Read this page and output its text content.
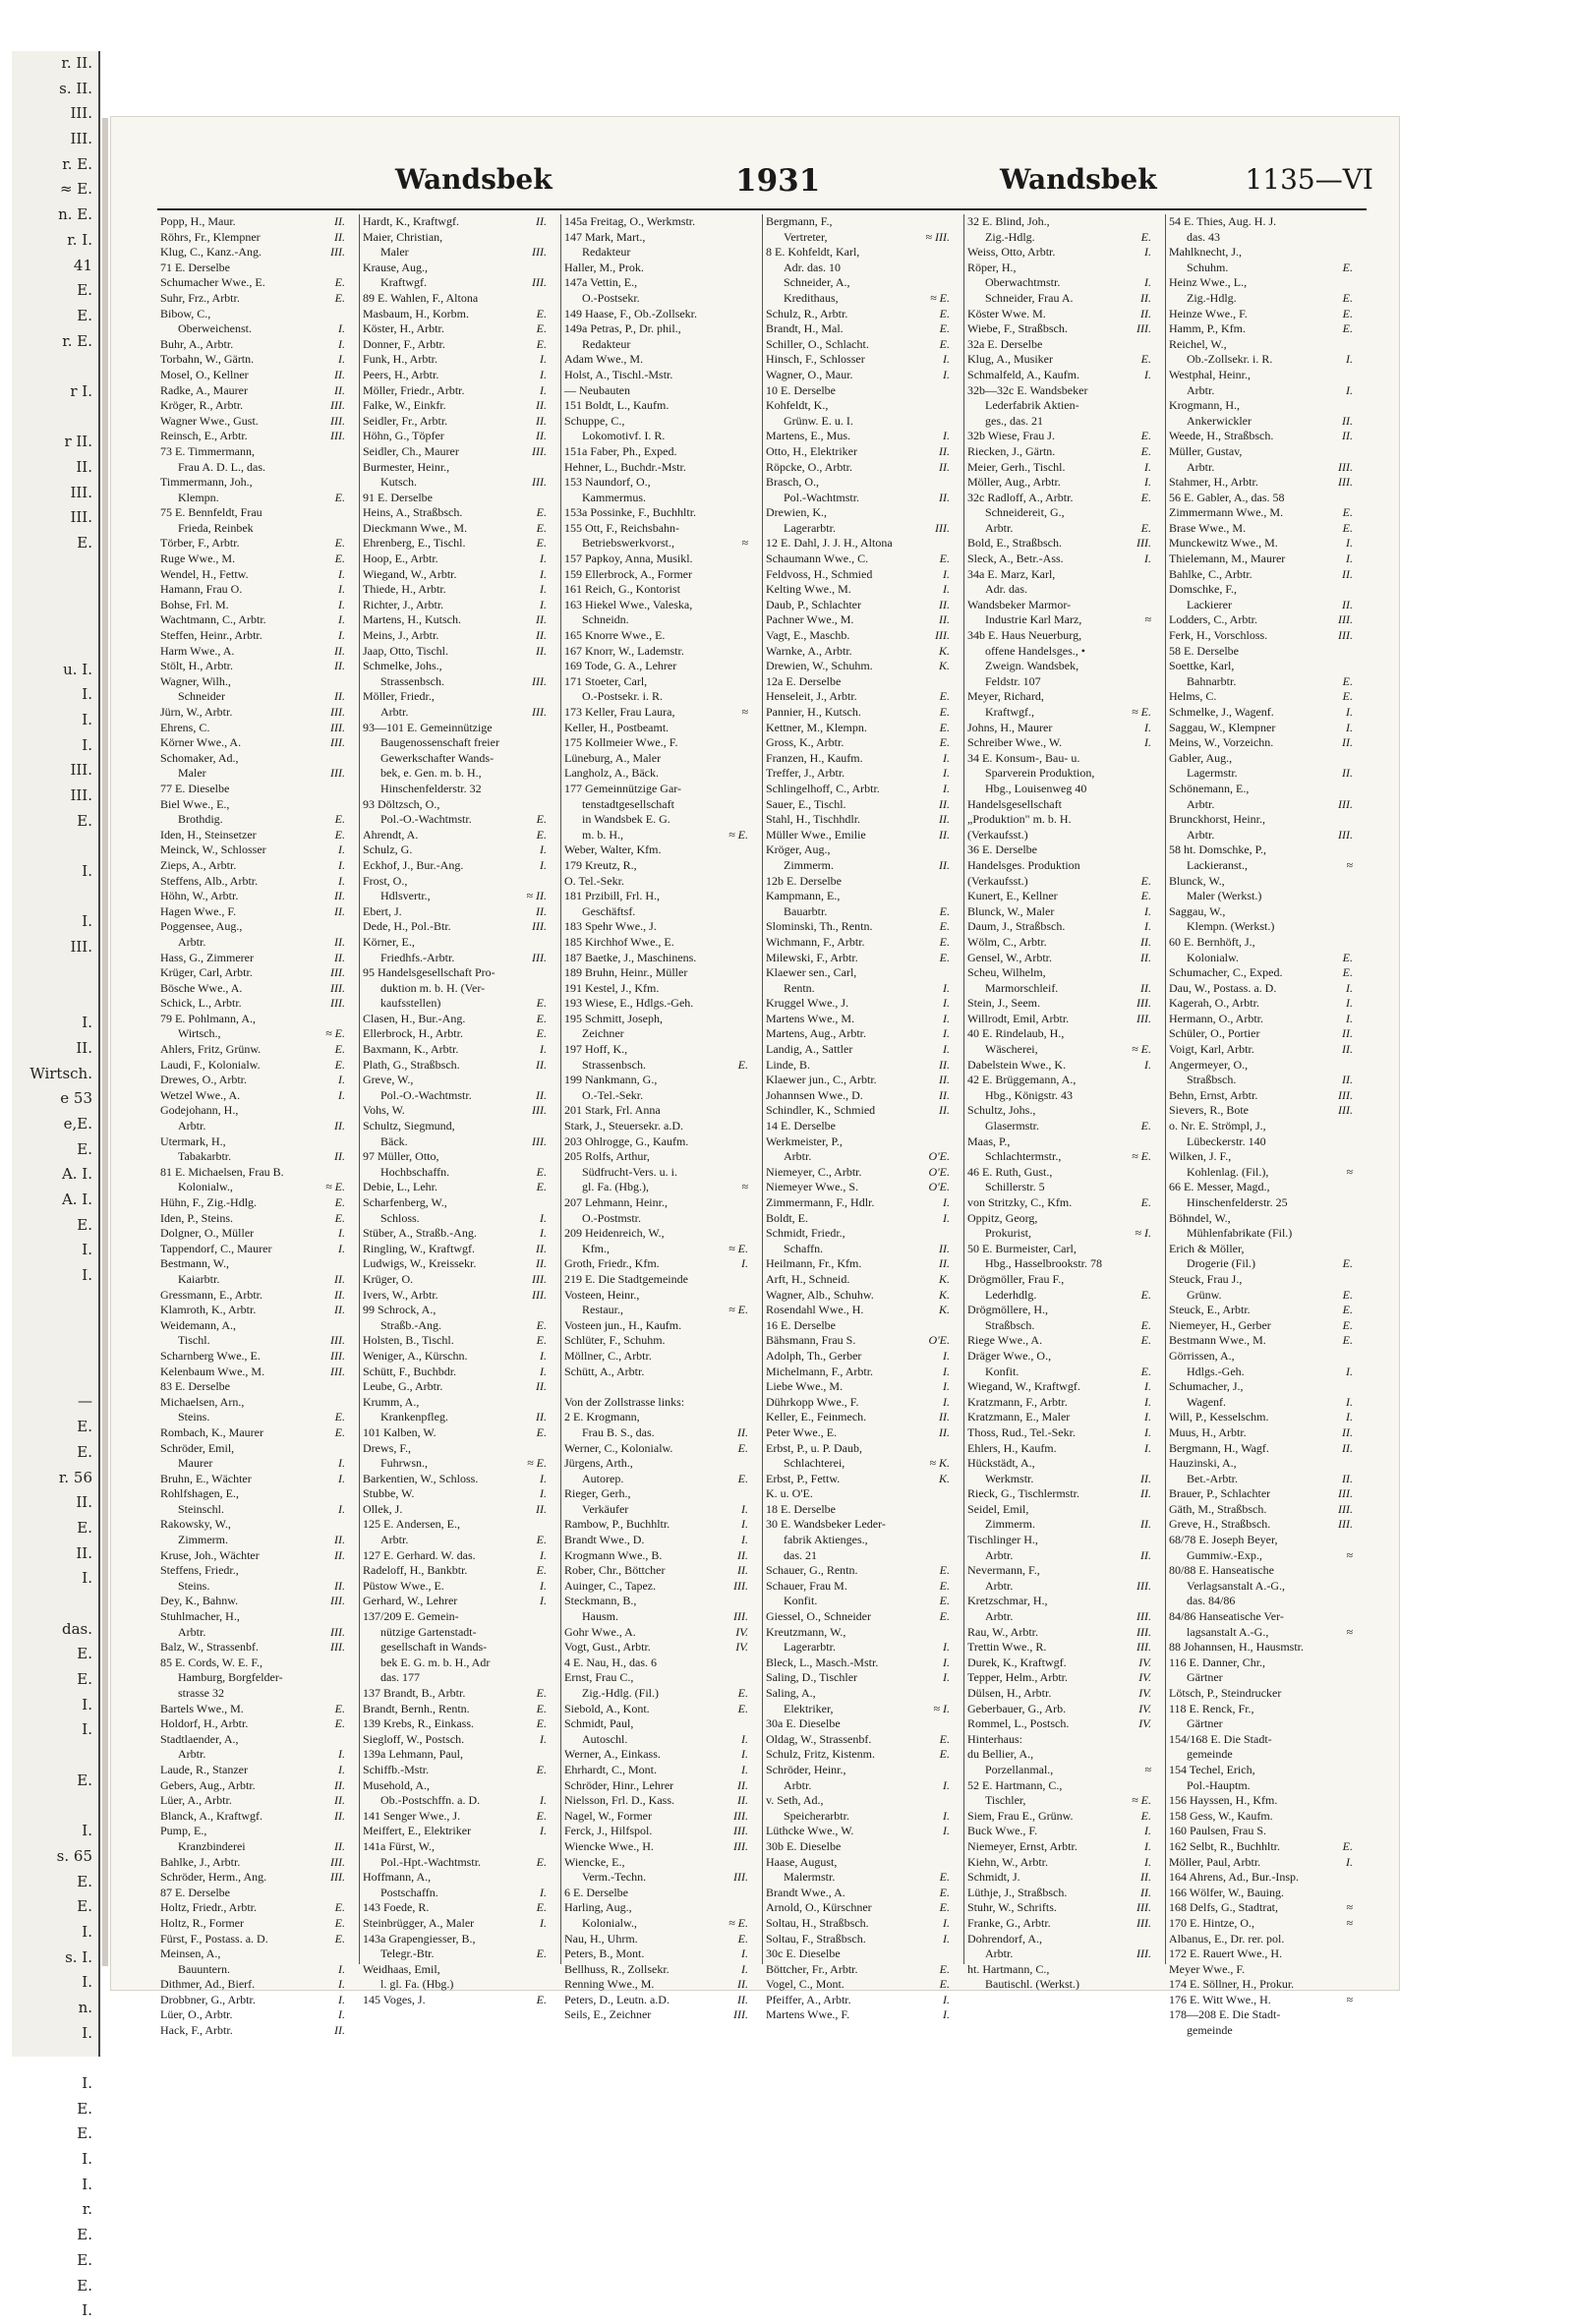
r. II.
s. II.
III.
III.
r. E.
≈ E.
n. E.
r. I.
41
E.
E.
r. E.
r I.
r II.
II.
III.
III.
E.
u. I.
I.
I.
I.
III.
III.
E.
I.
I.
III.
I.
II.
Wirtsch.
e 53
e,E.
E.
A. I.
A. I.
E.
I.
I.
—
E.
E.
r. 56
II.
E.
II.
I.
das.
E.
E.
I.
I.
E.
I.
s. 65
E.
E.
I.
s. I.
I.
n.
I.
I.
E.
E.
I.
I.
r.
E.
E.
E.
I.
Wandsbek	1931	Wandsbek	1135—VI
Popp, H., Maur.	II.
Röhrs, Fr., Klempner	II.
Klug, C., Kanz.-Ang.	III.
71 E. Derselbe
Schumacher Wwe., E.	E.
Suhr, Frz., Arbtr.	E.
Bibow, C.,
Oberweichenst.	I.
Buhr, A., Arbtr.	I.
Torbahn, W., Gärtn.	I.
Mosel, O., Kellner	II.
Radke, A., Maurer	II.
Kröger, R., Arbtr.	III.
Wagner Wwe., Gust.	III.
Reinsch, E., Arbtr.	III.
73 E. Timmermann,
Frau A. D. L., das.
Timmermann, Joh.,
Klempn.	E.
75 E. Bennfeldt, Frau
Frieda, Reinbek
Törber, F., Arbtr.	E.
Ruge Wwe., M.	E.
Wendel, H., Fettw.	I.
Hamann, Frau O.	I.
Bohse, Frl. M.	I.
Wachtmann, C., Arbtr.	I.
Steffen, Heinr., Arbtr.	I.
Harm Wwe., A.	II.
Stölt, H., Arbtr.	II.
Wagner, Wilh.,
Schneider	II.
Jürn, W., Arbtr.	III.
Ehrens, C.	III.
Körner Wwe., A.	III.
Schomaker, Ad.,
Maler	III.
77 E. Dieselbe
Biel Wwe., E.,
Brothdig.	E.
Iden, H., Steinsetzer	E.
Meinck, W., Schlosser	I.
Zieps, A., Arbtr.	I.
Steffens, Alb., Arbtr.	I.
Höhn, W., Arbtr.	II.
Hagen Wwe., F.	II.
Poggensee, Aug.,
Arbtr.	II.
Hass, G., Zimmerer	II.
Krüger, Carl, Arbtr.	III.
Bösche Wwe., A.	III.
Schick, L., Arbtr.	III.
79 E. Pohlmann, A.,
Wirtsch.,	≈ E.
Ahlers, Fritz, Grünw.	E.
Laudi, F., Kolonialw.	E.
Drewes, O., Arbtr.	I.
Wetzel Wwe., A.	I.
Godejohann, H.,
Arbtr.	II.
Utermark, H.,
Tabakarbtr.	II.
81 E. Michaelsen, Frau B.
Kolonialw.,	≈ E.
Hühn, F., Zig.-Hdlg.	E.
Iden, P., Steins.	E.
Dolgner, O., Müller	I.
Tappendorf, C., Maurer	I.
Bestmann, W.,
Kaiarbtr.	II.
Gressmann, E., Arbtr.	II.
Klamroth, K., Arbtr.	II.
Weidemann, A.,
Tischl.	III.
Scharnberg Wwe., E.	III.
Kelenbaum Wwe., M.	III.
83 E. Derselbe
Michaelsen, Arn.,
Steins.	E.
Rombach, K., Maurer	E.
Schröder, Emil,
Maurer	I.
Bruhn, E., Wächter	I.
Rohlfshagen, E.,
Steinschl.	I.
Rakowsky, W.,
Zimmerm.	II.
Kruse, Joh., Wächter	II.
Steffens, Friedr.,
Steins.	II.
Dey, K., Bahnw.	III.
Stuhlmacher, H.,
Arbtr.	III.
Balz, W., Strassenbf.	III.
85 E. Cords, W. E. F.,
Hamburg, Borgfelder-
strasse 32
Bartels Wwe., M.	E.
Holdorf, H., Arbtr.	E.
Stadtlaender, A.,
Arbtr.	I.
Laude, R., Stanzer	I.
Gebers, Aug., Arbtr.	II.
Lüer, A., Arbtr.	II.
Blanck, A., Kraftwgf.	II.
Pump, E.,
Kranzbinderei	II.
Bahlke, J., Arbtr.	III.
Schröder, Herm., Ang.	III.
87 E. Derselbe
Holtz, Friedr., Arbtr.	E.
Holtz, R., Former	E.
Fürst, F., Postass. a. D.	E.
Meinsen, A.,
Bauuntern.	I.
Dithmer, Ad., Bierf.	I.
Drobbner, G., Arbtr.	I.
Lüer, O., Arbtr.	I.
Hack, F., Arbtr.	II.
Hardt, K., Kraftwgf.	II.
Maier, Christian,
Maler	III.
Krause, Aug.,
Kraftwgf.	III.
89 E. Wahlen, F., Altona
Masbaum, H., Korbm.	E.
Köster, H., Arbtr.	E.
Donner, F., Arbtr.	E.
Funk, H., Arbtr.	I.
Peers, H., Arbtr.	I.
Möller, Friedr., Arbtr.	I.
Falke, W., Einkfr.	II.
Seidler, Fr., Arbtr.	II.
Höhn, G., Töpfer	II.
Seidler, Ch., Maurer	III.
Burmester, Heinr.,
Kutsch.	III.
91 E. Derselbe
Heins, A., Straßbsch.	E.
Dieckmann Wwe., M.	E.
Ehrenberg, E., Tischl.	E.
Hoop, E., Arbtr.	I.
Wiegand, W., Arbtr.	I.
Thiede, H., Arbtr.	I.
Richter, J., Arbtr.	I.
Martens, H., Kutsch.	II.
Meins, J., Arbtr.	II.
Jaap, Otto, Tischl.	II.
Schmelke, Johs.,
Strassenbsch.	III.
Möller, Friedr.,
Arbtr.	III.
93—101 E. Gemeinnützige
Baugenossenschaft freier
Gewerkschafter Wands-
bek, e. Gen. m. b. H.,
Hinschenfelderstr. 32
93 Döltzsch, O.,
Pol.-O.-Wachtmstr.	E.
Ahrendt, A.	E.
Schulz, G.	I.
Eckhof, J., Bur.-Ang.	I.
Frost, O.,
Hdlsvertr.,	≈ II.
Ebert, J.	II.
Dede, H., Pol.-Btr.	III.
Körner, E.,
Friedhfs.-Arbtr.	III.
95 Handelsgesellschaft Pro-
duktion m. b. H. (Ver-
kaufsstellen)	E.
Clasen, H., Bur.-Ang.	E.
Ellerbrock, H., Arbtr.	E.
Baxmann, K., Arbtr.	I.
Plath, G., Straßbsch.	II.
Greve, W.,
Pol.-O.-Wachtmstr.	II.
Vohs, W.	III.
Schultz, Siegmund,
Bäck.	III.
97 Müller, Otto,
Hochbschaffn.	E.
Debie, L., Lehr.	E.
Scharfenberg, W.,
Schloss.	I.
Stüber, A., Straßb.-Ang.	I.
Ringling, W., Kraftwgf.	II.
Ludwigs, W., Kreissekr.	II.
Krüger, O.	III.
Ivers, W., Arbtr.	III.
99 Schrock, A.,
Straßb.-Ang.	E.
Holsten, B., Tischl.	E.
Weniger, A., Kürschn.	I.
Schütt, F., Buchbdr.	I.
Leube, G., Arbtr.	II.
Krumm, A.,
Krankenpfleg.	II.
101 Kalben, W.	E.
Drews, F.,
Fuhrwsn.,	≈ E.
Barkentien, W., Schloss.	I.
Stubbe, W.	I.
Ollek, J.	II.
125 E. Andersen, E.,
Arbtr.	E.
127 E. Gerhard. W. das.	I.
Radeloff, H., Bankbtr.	E.
Püstow Wwe., E.	I.
Gerhard, W., Lehrer	I.
137/209 E. Gemein-
nützige Gartenstadt-
gesellschaft in Wands-
bek E. G. m. b. H., Adr
das. 177
137 Brandt, B., Arbtr.	E.
Brandt, Bernh., Rentn.	E.
139 Krebs, R., Einkass.	E.
Siegloff, W., Postsch.	I.
139a Lehmann, Paul,
Schiffb.-Mstr.	E.
Musehold, A.,
Ob.-Postschffn. a. D.	I.
141 Senger Wwe., J.	E.
Meiffert, E., Elektriker	I.
141a Fürst, W.,
Pol.-Hpt.-Wachtmstr.	E.
Hoffmann, A.,
Postschaffn.	I.
143 Foede, R.	E.
Steinbrügger, A., Maler	I.
143a Grapengiesser, B.,
Telegr.-Btr.	E.
Weidhaas, Emil,
l. gl. Fa. (Hbg.)
145 Voges, J.	E.
145a Freitag, O., Werkmstr.
147 Mark, Mart.,
Redakteur
Haller, M., Prok.
147a Vettin, E.,
O.-Postsekr.
149 Haase, F., Ob.-Zollsekr.
149a Petras, P., Dr. phil.,
Redakteur
Adam Wwe., M.
Holst, A., Tischl.-Mstr.
— Neubauten
151 Boldt, L., Kaufm.
Schuppe, C.,
Lokomotivf. I. R.
151a Faber, Ph., Exped.
Hehner, L., Buchdr.-Mstr.
153 Naundorf, O.,
Kammermus.
153a Possinke, F., Buchhltr.
155 Ott, F., Reichsbahn-
Betriebswerkvorst.,	≈
157 Papkoy, Anna, Musikl.
159 Ellerbrock, A., Former
161 Reich, G., Kontorist
163 Hiekel Wwe., Valeska,
Schneidn.
165 Knorre Wwe., E.
167 Knorr, W., Lademstr.
169 Tode, G. A., Lehrer
171 Stoeter, Carl,
O.-Postsekr. i. R.
173 Keller, Frau Laura,	≈
Keller, H., Postbeamt.
175 Kollmeier Wwe., F.
Lüneburg, A., Maler
Langholz, A., Bäck.
177 Gemeinnützige Gar-
tenstadtgesellschaft
in Wandsbek E. G.
m. b. H.,	≈ E.
Weber, Walter, Kfm.
179 Kreutz, R.,
O. Tel.-Sekr.
181 Przibill, Frl. H.,
Geschäftsf.
183 Spehr Wwe., J.
185 Kirchhof Wwe., E.
187 Baetke, J., Maschinens.
189 Bruhn, Heinr., Müller
191 Kestel, J., Kfm.
193 Wiese, E., Hdlgs.-Geh.
195 Schmitt, Joseph,
Zeichner
197 Hoff, K.,
Strassenbsch.	E.
199 Nankmann, G.,
O.-Tel.-Sekr.
201 Stark, Frl. Anna
Stark, J., Steuersekr. a.D.
203 Ohlrogge, G., Kaufm.
205 Rolfs, Arthur,
Südfrucht-Vers. u. i.
gl. Fa. (Hbg.),	≈
207 Lehmann, Heinr.,
O.-Postmstr.
209 Heidenreich, W.,
Kfm.,	≈ E.
Groth, Friedr., Kfm.	I.
219 E. Die Stadtgemeinde
Vosteen, Heinr.,
Restaur.,	≈ E.
Vosteen jun., H., Kaufm.
Schlüter, F., Schuhm.
Möllner, C., Arbtr.
Schütt, A., Arbtr.
Von der Zollstrasse links:
2 E. Krogmann,
Frau B. S., das.	II.
Werner, C., Kolonialw.	E.
Jürgens, Arth.,
Autorep.	E.
Rieger, Gerh.,
Verkäufer	I.
Rambow, P., Buchhltr.	I.
Brandt Wwe., D.	I.
Krogmann Wwe., B.	II.
Rober, Chr., Böttcher	II.
Auinger, C., Tapez.	III.
Steckmann, B.,
Hausm.	III.
Gohr Wwe., A.	IV.
Vogt, Gust., Arbtr.	IV.
4 E. Nau, H., das. 6
Ernst, Frau C.,
Zig.-Hdlg. (Fil.)	E.
Siebold, A., Kont.	E.
Schmidt, Paul,
Autoschl.	I.
Werner, A., Einkass.	I.
Ehrhardt, C., Mont.	I.
Schröder, Hinr., Lehrer	II.
Nielsson, Frl. D., Kass.	II.
Nagel, W., Former	III.
Ferck, J., Hilfspol.	III.
Wiencke Wwe., H.	III.
Wiencke, E.,
Verm.-Techn.	III.
6 E. Derselbe
Harling, Aug.,
Kolonialw.,	≈ E.
Nau, H., Uhrm.	E.
Peters, B., Mont.	I.
Bellhuss, R., Zollsekr.	I.
Renning Wwe., M.	II.
Peters, D., Leutn. a.D.	II.
Seils, E., Zeichner	III.
Bergmann, F.,
Vertreter,	≈ III.
8 E. Kohfeldt, Karl,
Adr. das. 10
Schneider, A.,
Kredithaus,	≈ E.
Schulz, R., Arbtr.	E.
Brandt, H., Mal.	E.
Schiller, O., Schlacht.	E.
Hinsch, F., Schlosser	I.
Wagner, O., Maur.	I.
10 E. Derselbe
Kohfeldt, K.,
Grünw. E. u. I.
Martens, E., Mus.	I.
Otto, H., Elektriker	II.
Röpcke, O., Arbtr.	II.
Brasch, O.,
Pol.-Wachtmstr.	II.
Drewien, K.,
Lagerarbtr.	III.
12 E. Dahl, J. J. H., Altona
Schaumann Wwe., C.	E.
Feldvoss, H., Schmied	I.
Kelting Wwe., M.	I.
Daub, P., Schlachter	II.
Pachner Wwe., M.	II.
Vagt, E., Maschb.	III.
Warnke, A., Arbtr.	K.
Drewien, W., Schuhm.	K.
12a E. Derselbe
Henseleit, J., Arbtr.	E.
Pannier, H., Kutsch.	E.
Kettner, M., Klempn.	E.
Gross, K., Arbtr.	E.
Franzen, H., Kaufm.	I.
Treffer, J., Arbtr.	I.
Schlingelhoff, C., Arbtr.	I.
Sauer, E., Tischl.	II.
Stahl, H., Tischhdlr.	II.
Müller Wwe., Emilie	II.
Kröger, Aug.,
Zimmerm.	II.
12b E. Derselbe
Kampmann, E.,
Bauarbtr.	E.
Slominski, Th., Rentn.	E.
Wichmann, F., Arbtr.	E.
Milewski, F., Arbtr.	E.
Klaewer sen., Carl,
Rentn.	I.
Kruggel Wwe., J.	I.
Martens Wwe., M.	I.
Martens, Aug., Arbtr.	I.
Landig, A., Sattler	I.
Linde, B.	II.
Klaewer jun., C., Arbtr.	II.
Johannsen Wwe., D.	II.
Schindler, K., Schmied	II.
14 E. Derselbe
Werkmeister, P.,
Arbtr.	O'E.
Niemeyer, C., Arbtr.	O'E.
Niemeyer Wwe., S.	O'E.
Zimmermann, F., Hdlr.	I.
Boldt, E.	I.
Schmidt, Friedr.,
Schaffn.	II.
Heilmann, Fr., Kfm.	II.
Arft, H., Schneid.	K.
Wagner, Alb., Schuhw.	K.
Rosendahl Wwe., H.	K.
16 E. Derselbe
Bähsmann, Frau S.	O'E.
Adolph, Th., Gerber	I.
Michelmann, F., Arbtr.	I.
Liebe Wwe., M.	I.
Dührkopp Wwe., F.	I.
Keller, E., Feinmech.	II.
Peter Wwe., E.	II.
Erbst, P., u. P. Daub,
Schlachterei,	≈ K.
Erbst, P., Fettw.	K.
K. u. O'E.
18 E. Derselbe
30 E. Wandsbeker Leder-
fabrik Aktienges.,
das. 21
Schauer, G., Rentn.	E.
Schauer, Frau M.	E.
Konfit.	E.
Giessel, O., Schneider	E.
Kreutzmann, W.,
Lagerarbtr.	I.
Bleck, L., Masch.-Mstr.	I.
Saling, D., Tischler	I.
Saling, A.,
Elektriker,	≈ I.
30a E. Dieselbe
Oldag, W., Strassenbf.	E.
Schulz, Fritz, Kistenm.	E.
Schröder, Heinr.,
Arbtr.	I.
v. Seth, Ad.,
Speicherarbtr.	I.
Lüthcke Wwe., W.	I.
30b E. Dieselbe
Haase, August,
Malermstr.	E.
Brandt Wwe., A.	E.
Arnold, O., Kürschner	E.
Soltau, H., Straßbsch.	I.
Soltau, F., Straßbsch.	I.
30c E. Dieselbe
Böttcher, Fr., Arbtr.	E.
Vogel, C., Mont.	E.
Pfeiffer, A., Arbtr.	I.
Martens Wwe., F.	I.
32 E. Blind, Joh.,
Zig.-Hdlg.	E.
Weiss, Otto, Arbtr.	I.
Röper, H.,
Oberwachtmstr.	I.
Schneider, Frau A.	II.
Köster Wwe. M.	II.
Wiebe, F., Straßbsch.	III.
32a E. Derselbe
Klug, A., Musiker	E.
Schmalfeld, A., Kaufm.	I.
32b—32c E. Wandsbeker
Lederfabrik Aktien-
ges., das. 21
32b Wiese, Frau J.	E.
Riecken, J., Gärtn.	E.
Meier, Gerh., Tischl.	I.
Möller, Aug., Arbtr.	I.
32c Radloff, A., Arbtr.	E.
Schneidereit, G.,
Arbtr.	E.
Bold, E., Straßbsch.	III.
Sleck, A., Betr.-Ass.	I.
34a E. Marz, Karl,
Adr. das.
Wandsbeker Marmor-
Industrie Karl Marz,	≈
34b E. Haus Neuerburg,
offene Handelsges., •
Zweign. Wandsbek,
Feldstr. 107
Meyer, Richard,
Kraftwgf.,	≈ E.
Johns, H., Maurer	I.
Schreiber Wwe., W.	I.
34 E. Konsum-, Bau- u.
Sparverein Produktion,
Hbg., Louisenweg 40
Handelsgesellschaft
„Produktion" m. b. H.
(Verkaufsst.)
36 E. Derselbe
Handelsges. Produktion
(Verkaufsst.)	E.
Kunert, E., Kellner	E.
Blunck, W., Maler	I.
Daum, J., Straßbsch.	I.
Wölm, C., Arbtr.	II.
Gensel, W., Arbtr.	II.
Scheu, Wilhelm,
Marmorschleif.	II.
Stein, J., Seem.	III.
Willrodt, Emil, Arbtr.	III.
40 E. Rindelaub, H.,
Wäscherei,	≈ E.
Dabelstein Wwe., K.	I.
42 E. Brüggemann, A.,
Hbg., Königstr. 43
Schultz, Johs.,
Glasermstr.	E.
Maas, P.,
Schlachtermstr.,	≈ E.
46 E. Ruth, Gust.,
Schillerstr. 5
von Stritzky, C., Kfm.	E.
Oppitz, Georg,
Prokurist,	≈ I.
50 E. Burmeister, Carl,
Hbg., Hasselbrookstr. 78
Drögmöller, Frau F.,
Lederhdlg.	E.
Drögmöllere, H.,
Straßbsch.	E.
Riege Wwe., A.	E.
Dräger Wwe., O.,
Konfit.	E.
Wiegand, W., Kraftwgf.	I.
Kratzmann, F., Arbtr.	I.
Kratzmann, E., Maler	I.
Thoss, Rud., Tel.-Sekr.	I.
Ehlers, H., Kaufm.	I.
Hückstädt, A.,
Werkmstr.	II.
Rieck, G., Tischlermstr.	II.
Seidel, Emil,
Zimmerm.	II.
Tischlinger H.,
Arbtr.	II.
Nevermann, F.,
Arbtr.	III.
Kretzschmar, H.,
Arbtr.	III.
Rau, W., Arbtr.	III.
Trettin Wwe., R.	III.
Durek, K., Kraftwgf.	IV.
Tepper, Helm., Arbtr.	IV.
Dülsen, H., Arbtr.	IV.
Geberbauer, G., Arb.	IV.
Rommel, L., Postsch.	IV.
Hinterhaus:
du Bellier, A.,
Porzellanmal.,	≈
52 E. Hartmann, C.,
Tischler,	≈ E.
Siem, Frau E., Grünw.	E.
Buck Wwe., F.	I.
Niemeyer, Ernst, Arbtr.	I.
Kiehn, W., Arbtr.	I.
Schmidt, J.	II.
Lüthje, J., Straßbsch.	II.
Stuhr, W., Schrifts.	III.
Franke, G., Arbtr.	III.
Dohrendorf, A.,
Arbtr.	III.
ht. Hartmann, C.,
Bautischl. (Werkst.)
54 E. Thies, Aug. H. J.
das. 43
Mahlknecht, J.,
Schuhm.	E.
Heinz Wwe., L.,
Zig.-Hdlg.	E.
Heinze Wwe., F.	E.
Hamm, P., Kfm.	E.
Reichel, W.,
Ob.-Zollsekr. i. R.	I.
Westphal, Heinr.,
Arbtr.	I.
Krogmann, H.,
Ankerwickler	II.
Weede, H., Straßbsch.	II.
Müller, Gustav,
Arbtr.	III.
Stahmer, H., Arbtr.	III.
56 E. Gabler, A., das. 58
Zimmermann Wwe., M.	E.
Brase Wwe., M.	E.
Munckewitz Wwe., M.	I.
Thielemann, M., Maurer	I.
Bahlke, C., Arbtr.	II.
Domschke, F.,
Lackierer	II.
Lodders, C., Arbtr.	III.
Ferk, H., Vorschloss.	III.
58 E. Derselbe
Soettke, Karl,
Bahnarbtr.	E.
Helms, C.	E.
Schmelke, J., Wagenf.	I.
Saggau, W., Klempner	I.
Meins, W., Vorzeichn.	II.
Gabler, Aug.,
Lagermstr.	II.
Schönemann, E.,
Arbtr.	III.
Brunckhorst, Heinr.,
Arbtr.	III.
58 ht. Domschke, P.,
Lackieranst.,	≈
Blunck, W.,
Maler (Werkst.)
Saggau, W.,
Klempn. (Werkst.)
60 E. Bernhöft, J.,
Kolonialw.	E.
Schumacher, C., Exped.	E.
Dau, W., Postass. a. D.	I.
Kagerah, O., Arbtr.	I.
Hermann, O., Arbtr.	I.
Schüler, O., Portier	II.
Voigt, Karl, Arbtr.	II.
Angermeyer, O.,
Straßbsch.	II.
Behn, Ernst, Arbtr.	III.
Sievers, R., Bote	III.
o. Nr. E. Strömpl, J.,
Lübeckerstr. 140
Wilken, J. F.,
Kohlenlag. (Fil.),	≈
66 E. Messer, Magd.,
Hinschenfelderstr. 25
Böhndel, W.,
Mühlenfabrikate (Fil.)
Erich & Möller,
Drogerie (Fil.)	E.
Steuck, Frau J.,
Grünw.	E.
Steuck, E., Arbtr.	E.
Niemeyer, H., Gerber	E.
Bestmann Wwe., M.	E.
Görrissen, A.,
Hdlgs.-Geh.	I.
Schumacher, J.,
Wagenf.	I.
Will, P., Kesselschm.	I.
Muus, H., Arbtr.	II.
Bergmann, H., Wagf.	II.
Hauzinski, A.,
Bet.-Arbtr.	II.
Brauer, P., Schlachter	III.
Gäth, M., Straßbsch.	III.
Greve, H., Straßbsch.	III.
68/78 E. Joseph Beyer,
Gummiw.-Exp.,	≈
80/88 E. Hanseatische
Verlagsanstalt A.-G.,
das. 84/86
84/86 Hanseatische Ver-
lagsanstalt A.-G.,	≈
88 Johannsen, H., Hausmstr.
116 E. Danner, Chr.,
Gärtner
Lötsch, P., Steindrucker
118 E. Renck, Fr.,
Gärtner
154/168 E. Die Stadt-
gemeinde
154 Techel, Erich,
Pol.-Hauptm.
156 Hayssen, H., Kfm.
158 Gess, W., Kaufm.
160 Paulsen, Frau S.
162 Selbt, R., Buchhltr.	E.
Möller, Paul, Arbtr.	I.
164 Ahrens, Ad., Bur.-Insp.
166 Wölfer, W., Bauing.
168 Delfs, G., Stadtrat,	≈
170 E. Hintze, O.,	≈
Albanus, E., Dr. rer. pol.
172 E. Rauert Wwe., H.
Meyer Wwe., F.
174 E. Söllner, H., Prokur.
176 E. Witt Wwe., H.	≈
178—208 E. Die Stadt-
gemeinde
